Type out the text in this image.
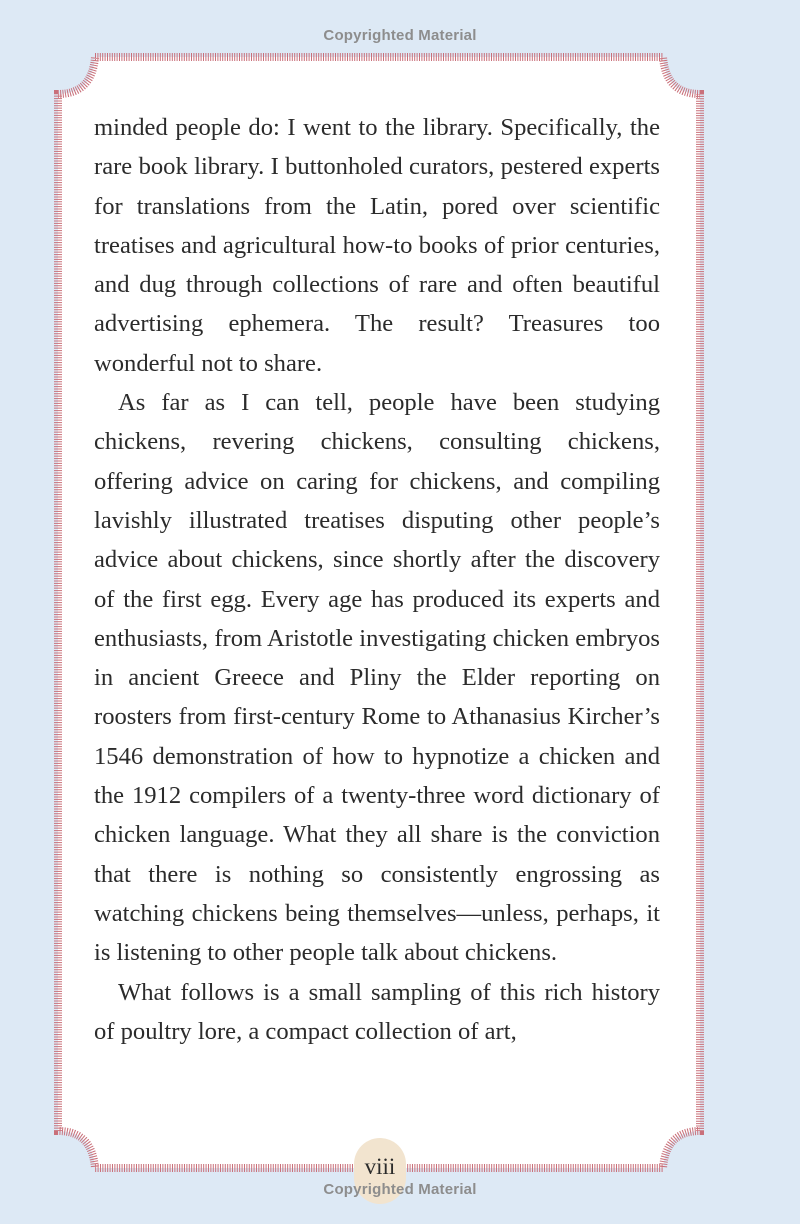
Copyrighted Material

minded people do: I went to the library. Specifically, the rare book library. I buttonholed curators, pestered experts for translations from the Latin, pored over scientific treatises and agricultural how-to books of prior centuries, and dug through collections of rare and often beautiful advertising ephemera. The result? Treasures too wonderful not to share.

As far as I can tell, people have been studying chickens, revering chickens, consulting chickens, offering advice on caring for chickens, and compiling lavishly illustrated treatises disputing other people’s advice about chickens, since shortly after the discovery of the first egg. Every age has produced its experts and enthusiasts, from Aristotle investigating chicken embryos in ancient Greece and Pliny the Elder reporting on roosters from first-century Rome to Athanasius Kircher’s 1546 demonstration of how to hypnotize a chicken and the 1912 compilers of a twenty-three word dictionary of chicken language. What they all share is the conviction that there is nothing so consistently engrossing as watching chickens being themselves—unless, perhaps, it is listening to other people talk about chickens.

What follows is a small sampling of this rich history of poultry lore, a compact collection of art,

viii
Copyrighted Material
